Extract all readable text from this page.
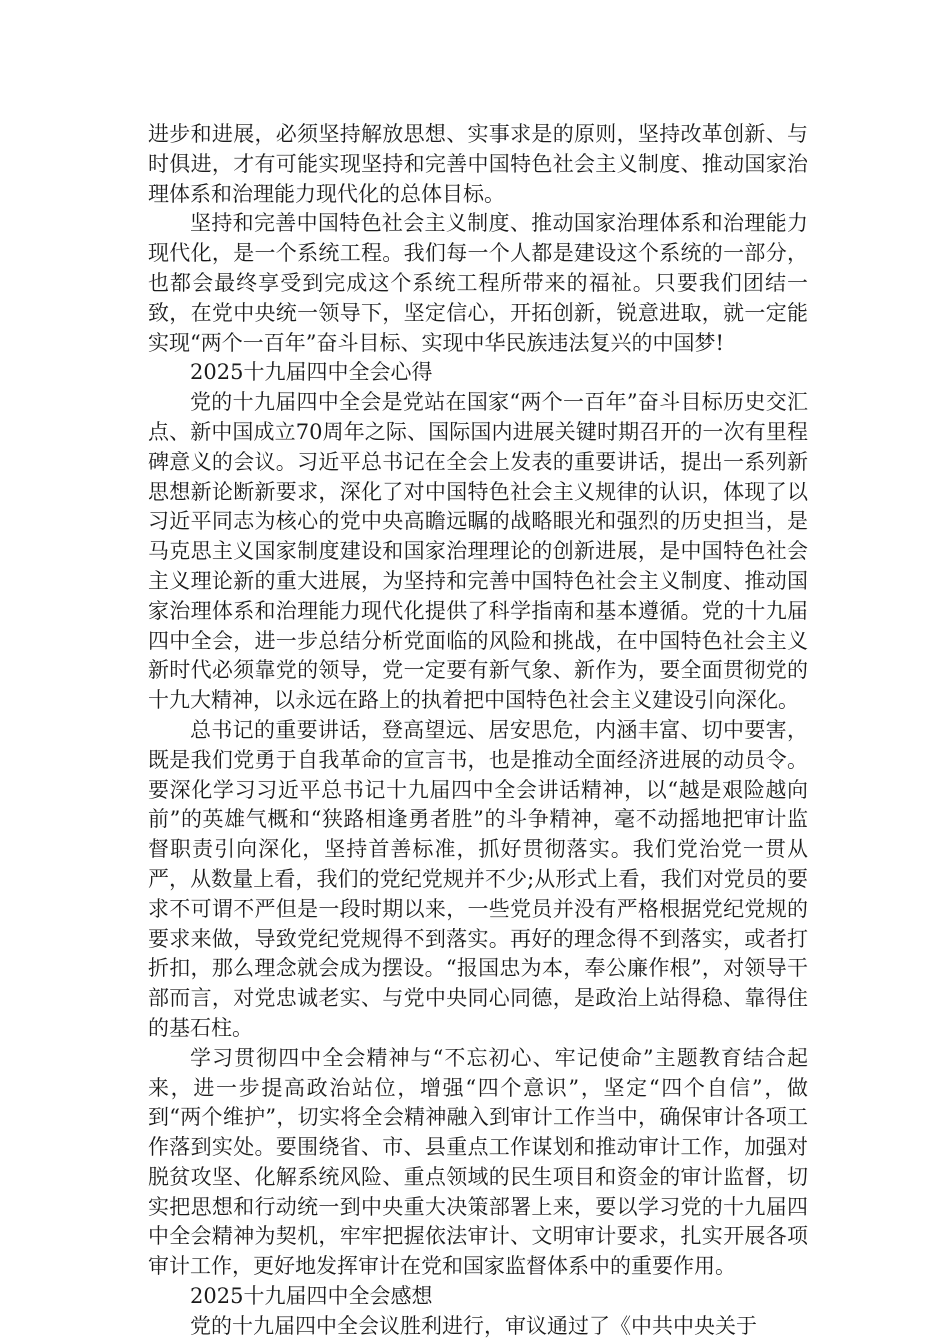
进步和进展，必须坚持解放思想、实事求是的原则，坚持改革创新、与时俱进，才有可能实现坚持和完善中国特色社会主义制度、推动国家治理体系和治理能力现代化的总体目标。

坚持和完善中国特色社会主义制度、推动国家治理体系和治理能力现代化，是一个系统工程。我们每一个人都是建设这个系统的一部分，也都会最终享受到完成这个系统工程所带来的福祉。只要我们团结一致，在党中央统一领导下，坚定信心，开拓创新，锐意进取，就一定能实现“两个一百年”奋斗目标、实现中华民族违法复兴的中国梦!

2025十九届四中全会心得

党的十九届四中全会是党站在国家“两个一百年”奋斗目标历史交汇点、新中国成立70周年之际、国际国内进展关键时期召开的一次有里程碑意义的会议。习近平总书记在全会上发表的重要讲话，提出一系列新思想新论断新要求，深化了对中国特色社会主义规律的认识，体现了以习近平同志为核心的党中央高瞻远瞩的战略眼光和强烈的历史担当，是马克思主义国家制度建设和国家治理理论的创新进展，是中国特色社会主义理论新的重大进展，为坚持和完善中国特色社会主义制度、推动国家治理体系和治理能力现代化提供了科学指南和基本遵循。党的十九届四中全会，进一步总结分析党面临的风险和挑战，在中国特色社会主义新时代必须靠党的领导，党一定要有新气象、新作为，要全面贯彻党的十九大精神，以永远在路上的执着把中国特色社会主义建设引向深化。

总书记的重要讲话，登高望远、居安思危，内涵丰富、切中要害，既是我们党勇于自我革命的宣言书，也是推动全面经济进展的动员令。要深化学习习近平总书记十九届四中全会讲话精神，以“越是艰险越向前”的英雄气概和“狭路相逢勇者胜”的斗争精神，毫不动摇地把审计监督职责引向深化，坚持首善标准，抓好贯彻落实。我们党治党一贯从严，从数量上看，我们的党纪党规并不少;从形式上看，我们对党员的要求不可谓不严但是一段时期以来，一些党员并没有严格根据党纪党规的要求来做，导致党纪党规得不到落实。再好的理念得不到落实，或者打折扣，那么理念就会成为摆设。“报国忠为本，奉公廉作根”，对领导干部而言，对党忠诚老实、与党中央同心同德，是政治上站得稳、靠得住的基石柱。

学习贯彻四中全会精神与“不忘初心、牢记使命”主题教育结合起来，进一步提高政治站位，增强“四个意识”，坚定“四个自信”，做到“两个维护”，切实将全会精神融入到审计工作当中，确保审计各项工作落到实处。要围绕省、市、县重点工作谋划和推动审计工作，加强对脱贫攻坚、化解系统风险、重点领域的民生项目和资金的审计监督，切实把思想和行动统一到中央重大决策部署上来，要以学习党的十九届四中全会精神为契机，牢牢把握依法审计、文明审计要求，扎实开展各项审计工作，更好地发挥审计在党和国家监督体系中的重要作用。

2025十九届四中全会感想

党的十九届四中全会议胜利进行，审议通过了《中共中央关于
